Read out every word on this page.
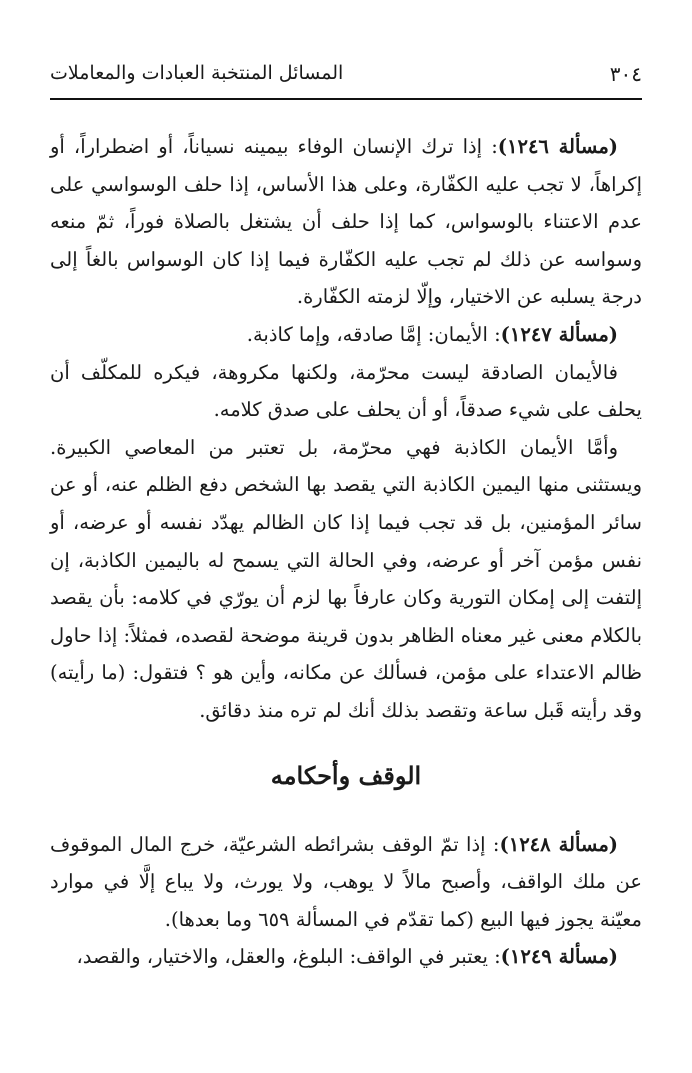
٣٠٤
المسائل المنتخبة العبادات والمعاملات

(مسألة ١٢٤٦): إذا ترك الإنسان الوفاء بيمينه نسياناً، أو اضطراراً، أو إكراهاً، لا تجب عليه الكفّارة، وعلى هذا الأساس، إذا حلف الوسواسي على عدم الاعتناء بالوسواس، كما إذا حلف أن يشتغل بالصلاة فوراً، ثمّ منعه وسواسه عن ذلك لم تجب عليه الكفّارة فيما إذا كان الوسواس بالغاً إلى درجة يسلبه عن الاختيار، وإلّا لزمته الكفّارة.

(مسألة ١٢٤٧): الأيمان: إمَّا صادقه، وإما كاذبة.

فالأيمان الصادقة ليست محرّمة، ولكنها مكروهة، فيكره للمكلّف أن يحلف على شيء صدقاً، أو أن يحلف على صدق كلامه.

وأمَّا الأيمان الكاذبة فهي محرّمة، بل تعتبر من المعاصي الكبيرة. ويستثنى منها اليمين الكاذبة التي يقصد بها الشخص دفع الظلم عنه، أو عن سائر المؤمنين، بل قد تجب فيما إذا كان الظالم يهدّد نفسه أو عرضه، أو نفس مؤمن آخر أو عرضه، وفي الحالة التي يسمح له باليمين الكاذبة، إن إلتفت إلى إمكان التورية وكان عارفاً بها لزم أن يورّي في كلامه: بأن يقصد بالكلام معنى غير معناه الظاهر بدون قرينة موضحة لقصده، فمثلاً: إذا حاول ظالم الاعتداء على مؤمن، فسألك عن مكانه، وأين هو ؟ فتقول: (ما رأيته) وقد رأيته قَبل ساعة وتقصد بذلك أنك لم تره منذ دقائق.

الوقف وأحكامه

(مسألة ١٢٤٨): إذا تمّ الوقف بشرائطه الشرعيّة، خرج المال الموقوف عن ملك الواقف، وأصبح مالاً لا يوهب، ولا يورث، ولا يباع إلَّا في موارد معيّنة يجوز فيها البيع (كما تقدّم في المسألة ٦٥٩ وما بعدها).

(مسألة ١٢٤٩): يعتبر في الواقف: البلوغ، والعقل، والاختيار، والقصد،
